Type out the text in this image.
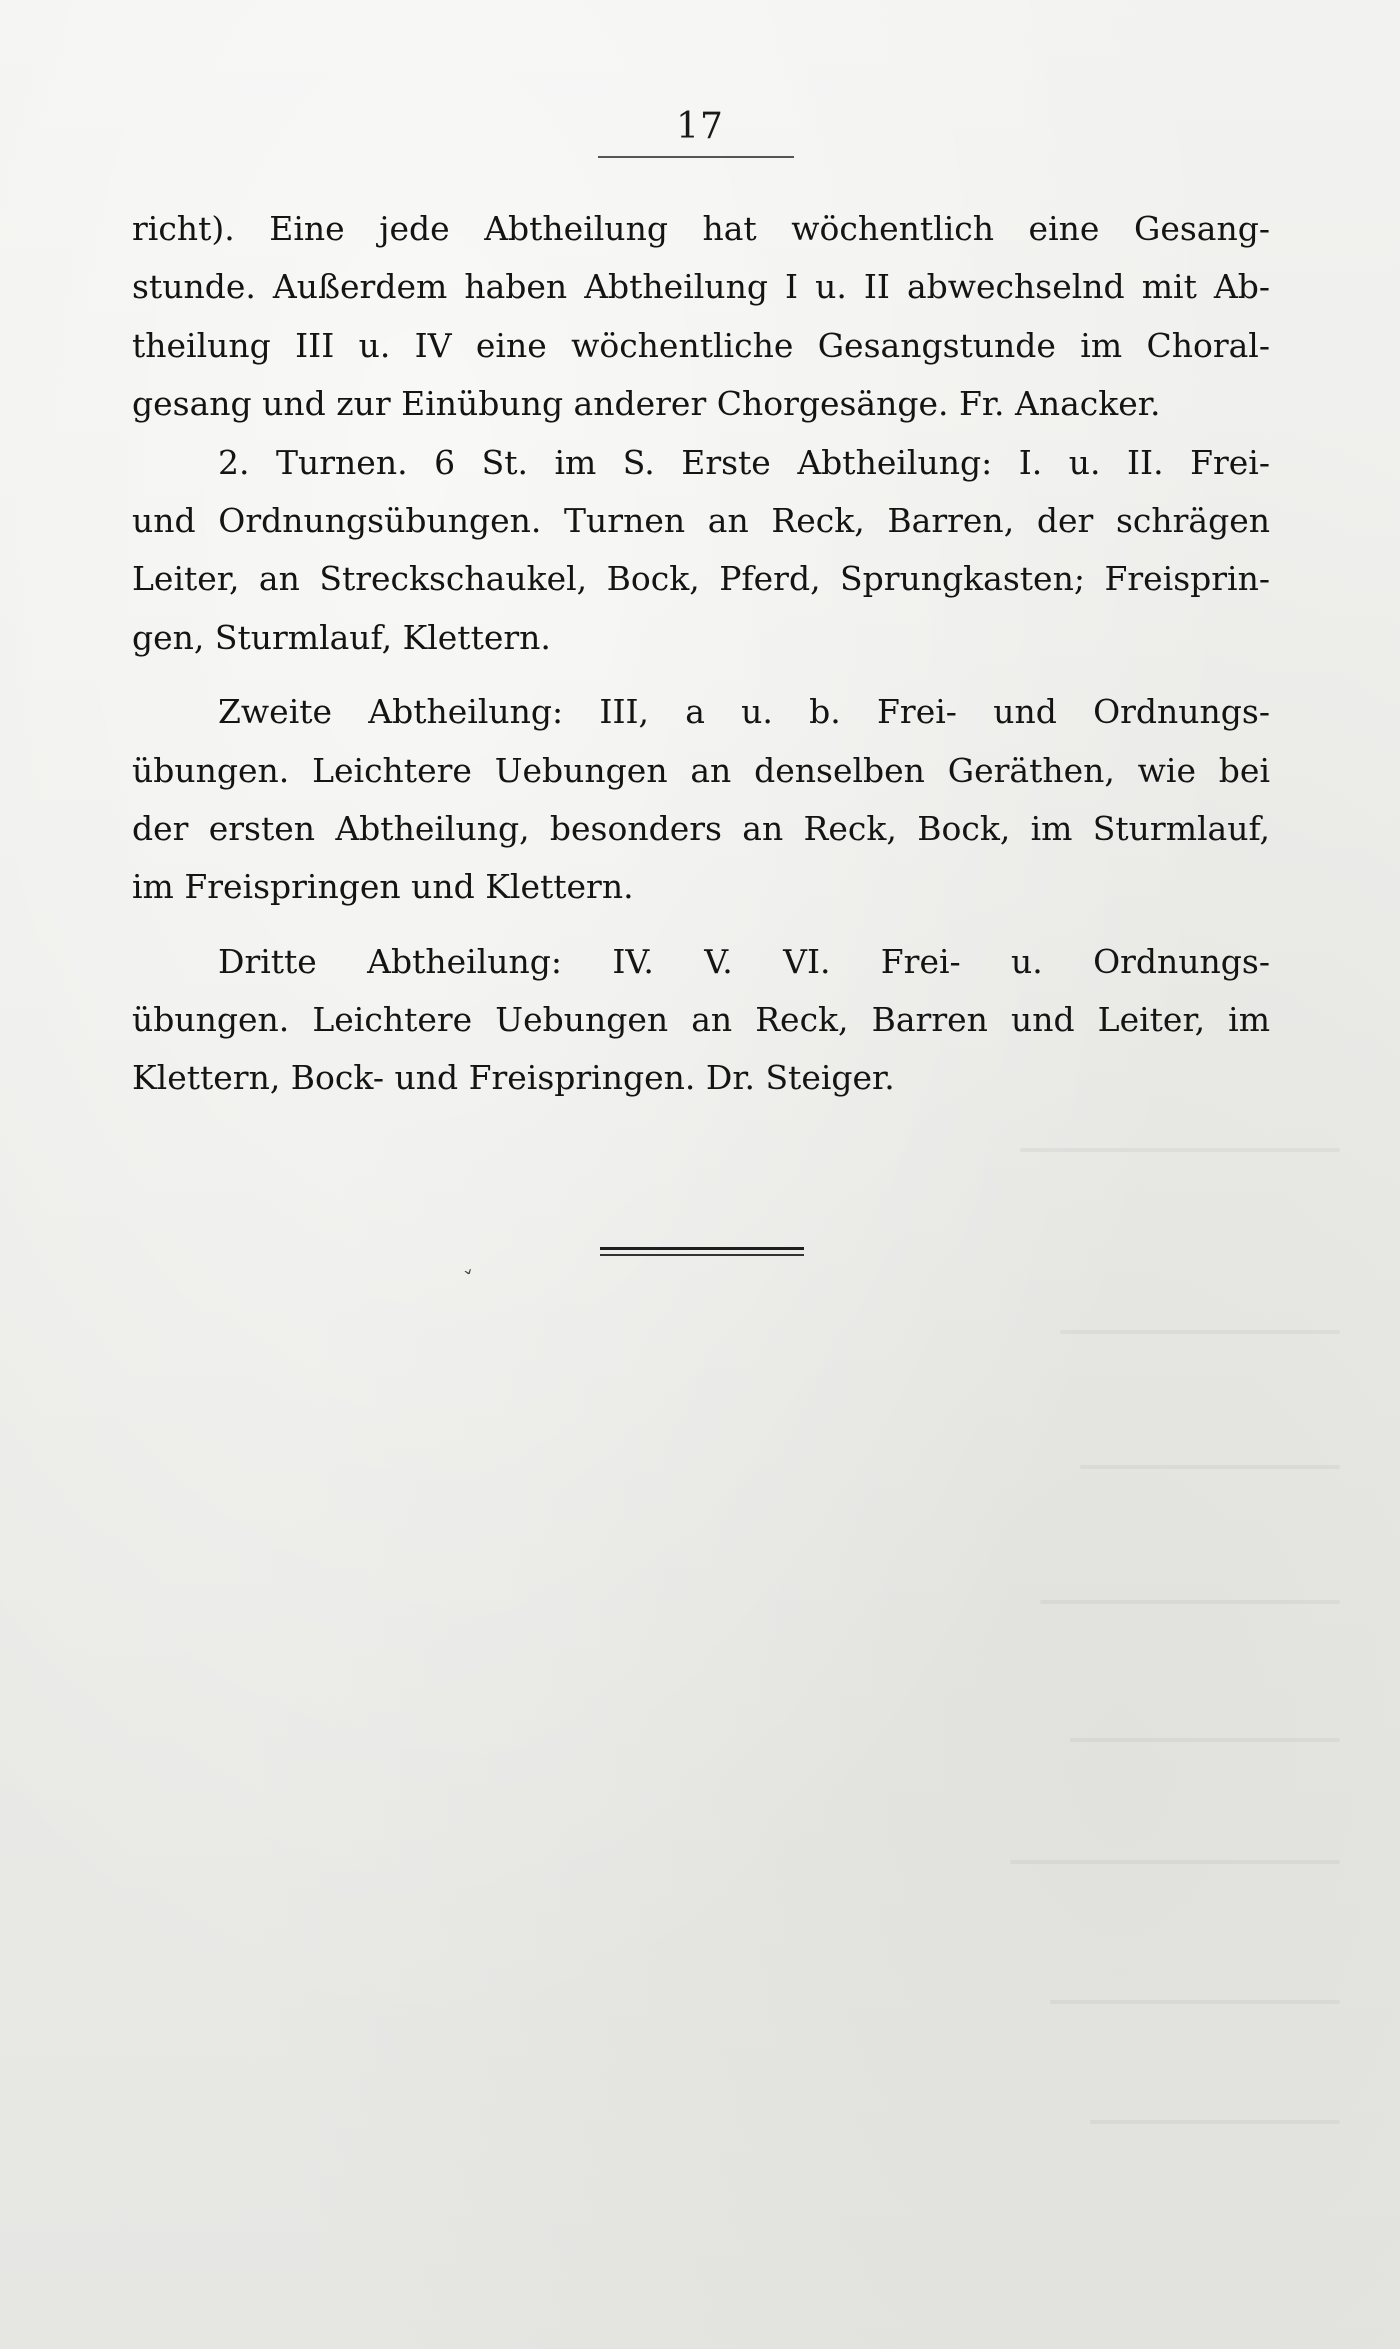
17
richt). Eine jede Abtheilung hat wöchentlich eine Gesang-
stunde. Außerdem haben Abtheilung I u. II abwechselnd mit Ab-
theilung III u. IV eine wöchentliche Gesangstunde im Choral-
gesang und zur Einübung anderer Chorgesänge. Fr. Anacker.
2. Turnen. 6 St. im S. Erste Abtheilung: I. u. II. Frei-
und Ordnungsübungen. Turnen an Reck, Barren, der schrägen
Leiter, an Streckschaukel, Bock, Pferd, Sprungkasten; Freisprin-
gen, Sturmlauf, Klettern.
Zweite Abtheilung: III, a u. b. Frei- und Ordnungs-
übungen. Leichtere Uebungen an denselben Geräthen, wie bei
der ersten Abtheilung, besonders an Reck, Bock, im Sturmlauf,
im Freispringen und Klettern.
Dritte Abtheilung: IV. V. VI. Frei- u. Ordnungs-
übungen. Leichtere Uebungen an Reck, Barren und Leiter, im
Klettern, Bock- und Freispringen. Dr. Steiger.
ˇ
